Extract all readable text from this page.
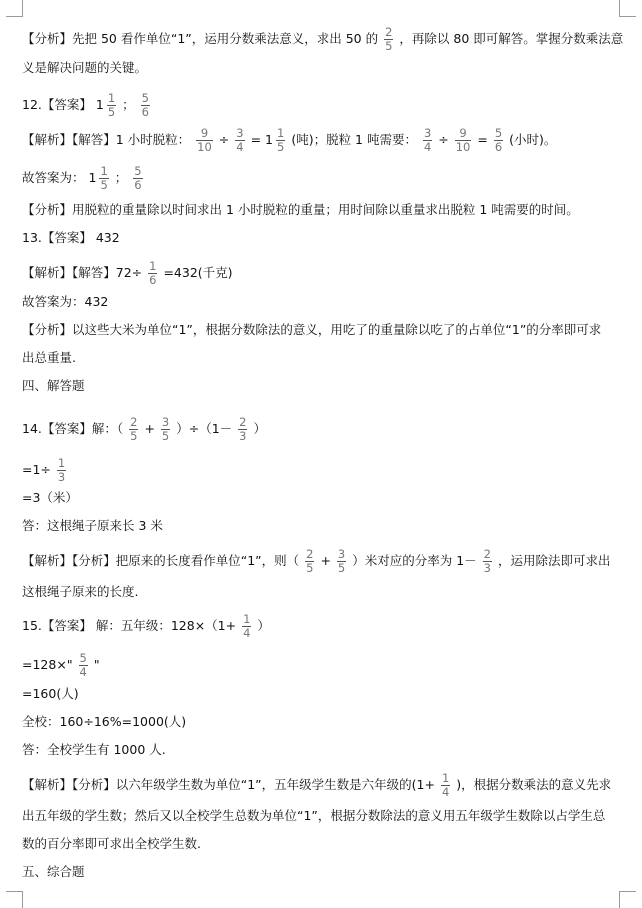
【分析】先把 50 看作单位“1”，运用分数乘法意义，求出 50 的 $\frac{2}{5}$ ，再除以 80 即可解答。掌握分数乘法意
义是解决问题的关键。
12.【答案】 $1 \frac{1}{5}$ ； $\frac{5}{6}$
【解析】【解答】1 小时脱粒： $\frac{9}{10} \div \frac{3}{4} = 1 \frac{1}{5}$ (吨)；脱粒 1 吨需要： $\frac{3}{4} \div \frac{9}{10} = \frac{5}{6}$ (小时)。
故答案为： $1 \frac{1}{5}$ ； $\frac{5}{6}$
【分析】用脱粒的重量除以时间求出 1 小时脱粒的重量；用时间除以重量求出脱粒 1 吨需要的时间。
13.【答案】 432
【解析】【解答】$72\div \frac{1}{6} =432$(千克)
故答案为：432
【分析】以这些大米为单位“1”，根据分数除法的意义，用吃了的重量除以吃了的占单位“1”的分率即可求
出总重量.
四、解答题
14.【答案】解：（ $\frac{2}{5} + \frac{3}{5} )\div(1- \frac{2}{3}$ ）
$=1\div \frac{1}{3}$
=3（米）
答：这根绳子原来长 3 米
【解析】【分析】把原来的长度看作单位“1”，则（ $\frac{2}{5} + \frac{3}{5}$ ）米对应的分率为 $1- \frac{2}{3}$ ，运用除法即可求出
这根绳子原来的长度.
15.【答案】 解：五年级：$128\times(1+ \frac{1}{4}$ ）
=128×" $\frac{5}{4}$ "
=160(人)
全校：160÷16%=1000(人)
答：全校学生有 1000 人.
【解析】【分析】以六年级学生数为单位“1”，五年级学生数是六年级的($1+ \frac{1}{4}$ )，根据分数乘法的意义先求
出五年级的学生数；然后又以全校学生总数为单位“1”，根据分数除法的意义用五年级学生数除以占学生总
数的百分率即可求出全校学生数.
五、综合题
